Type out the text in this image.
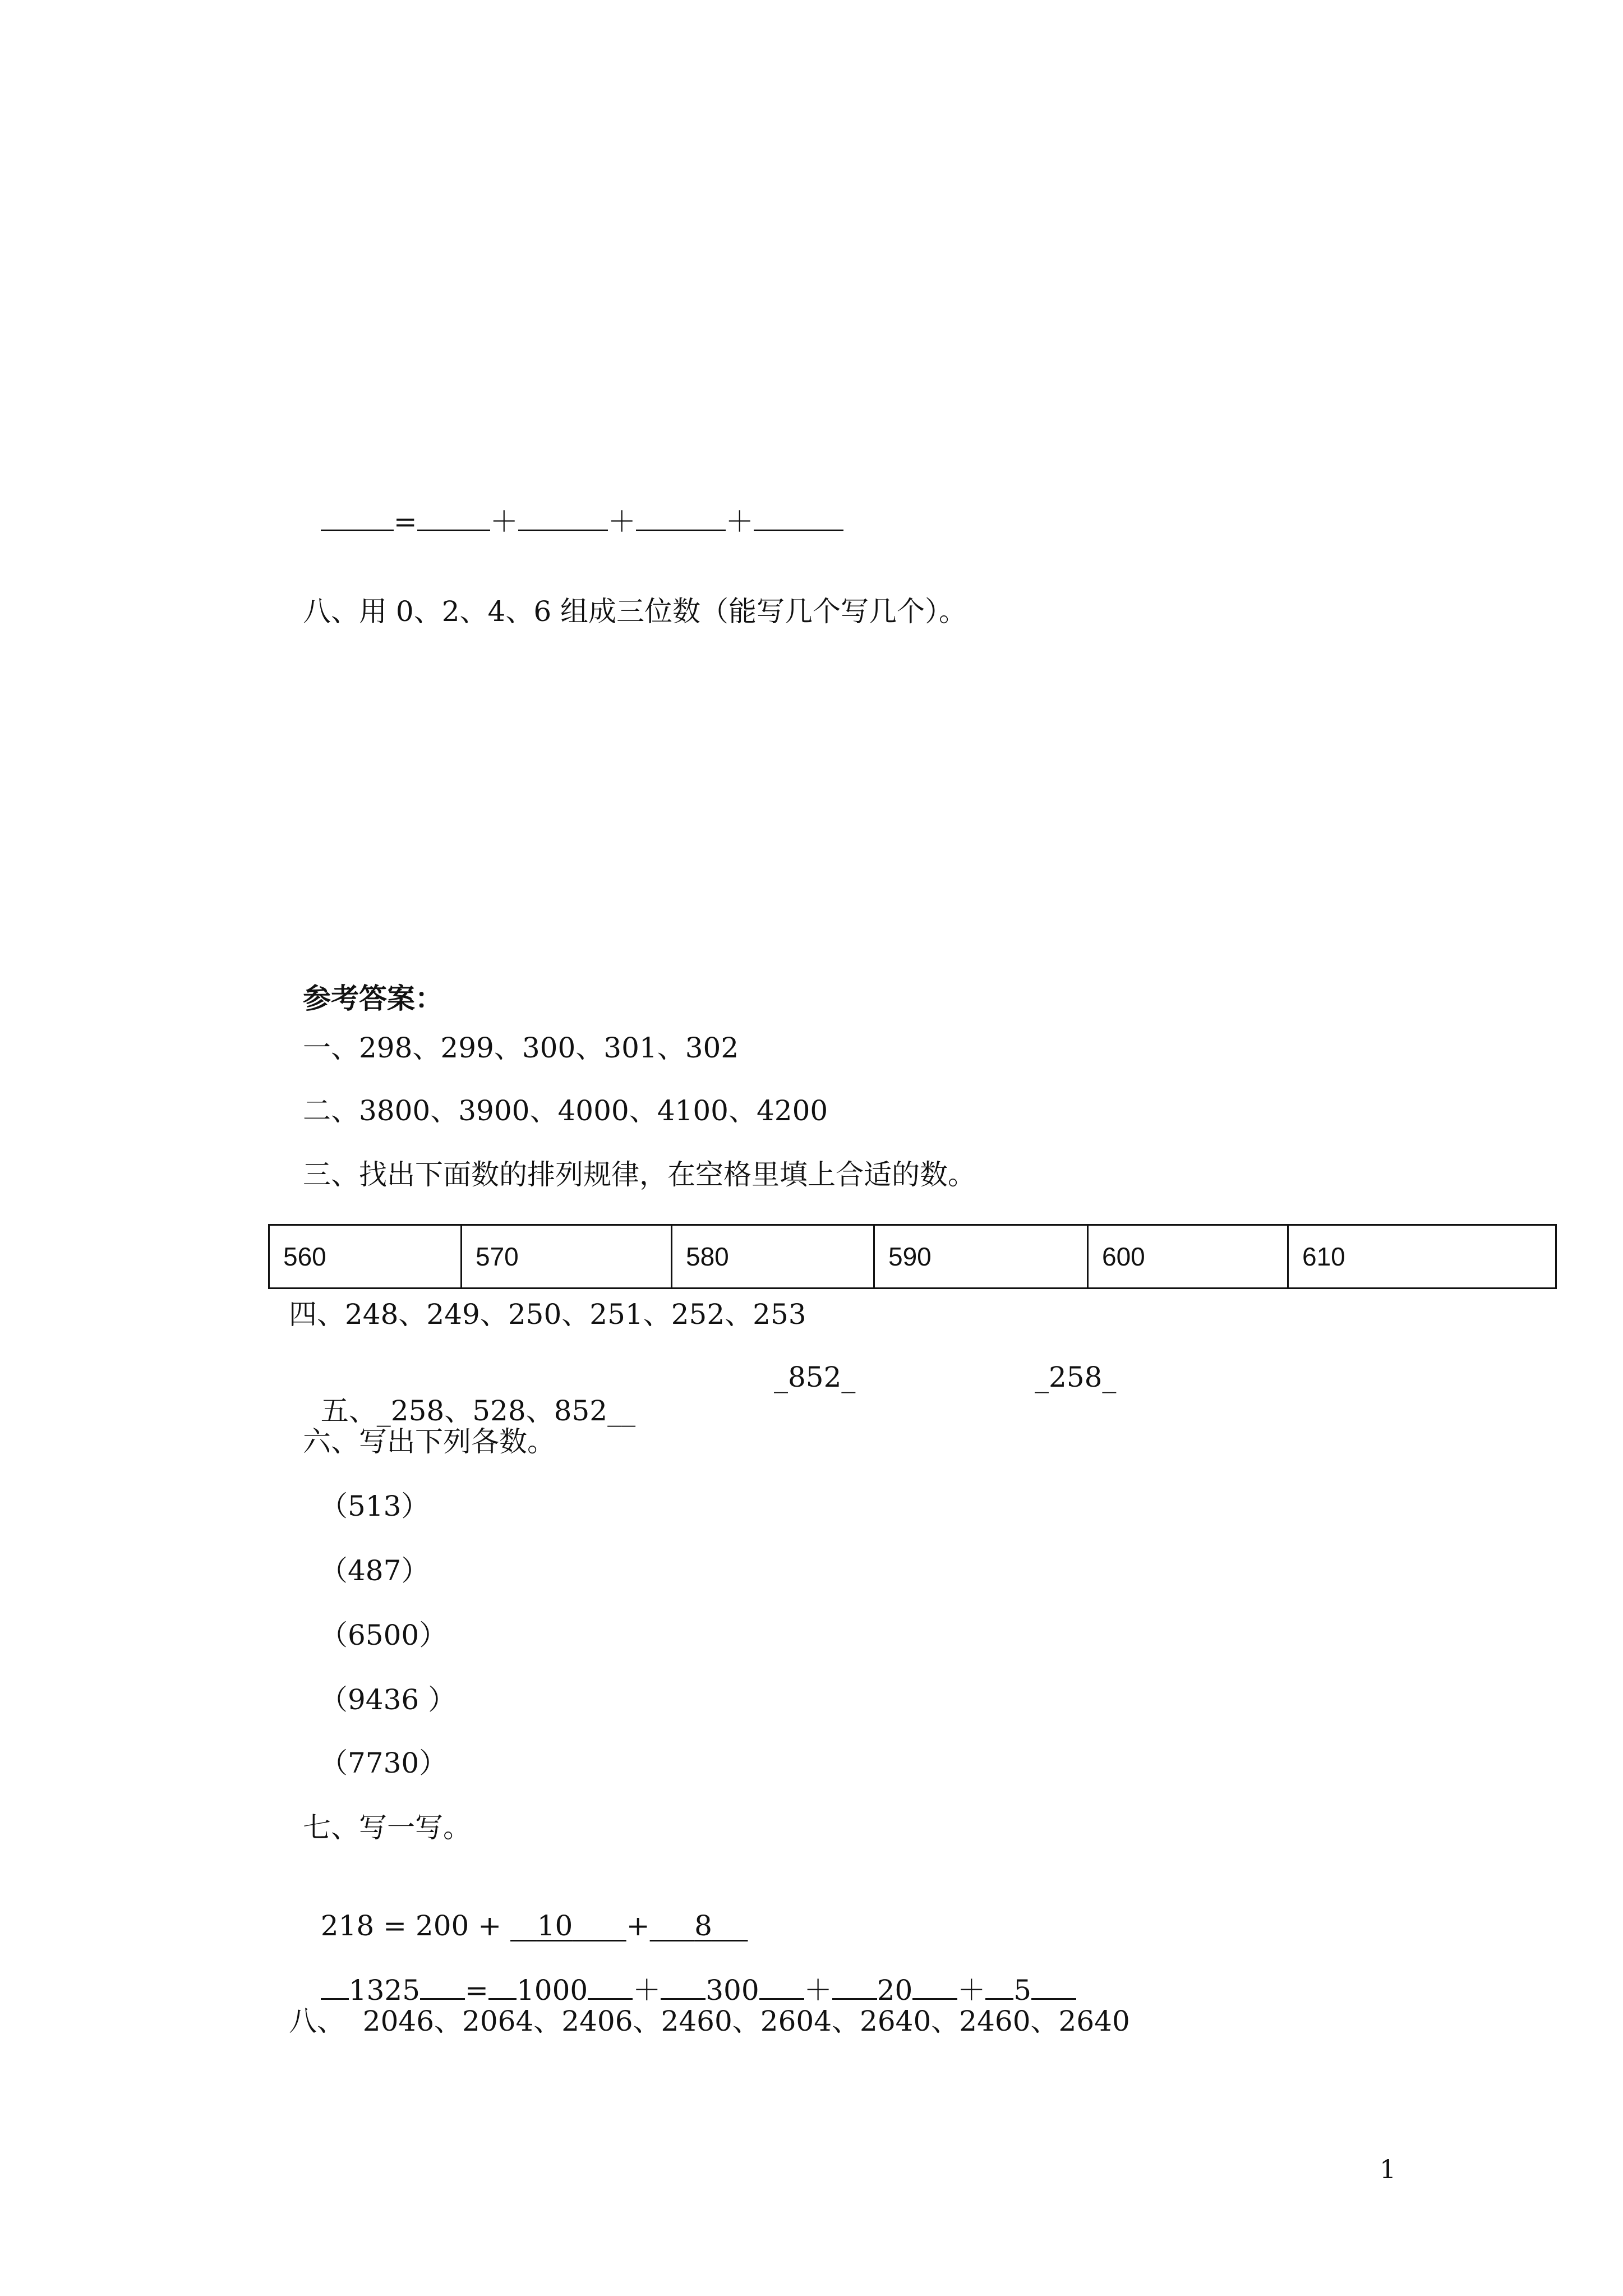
=	＋	＋	＋

八、用 0、2、4、6 组成三位数（能写几个写几个）。
参考答案：
一、298、299、300、301、302
二、3800、3900、4000、4100、4200
三、找出下面数的排列规律，在空格里填上合适的数。
560	570	580	590	600	610
四、248、249、250、251、252、253

五、_258、528、852__

_852_	_258_
六、写出下列各数。
（513）
（487）
（6500）
（9436 ）
（7730）
七、写一写。

218 = 200 +    10 + 8

1325 = 1000 ＋ 300 ＋ 20 ＋ 5

八、  2046、2064、2406、2460、2604、2640、2460、2640
1
